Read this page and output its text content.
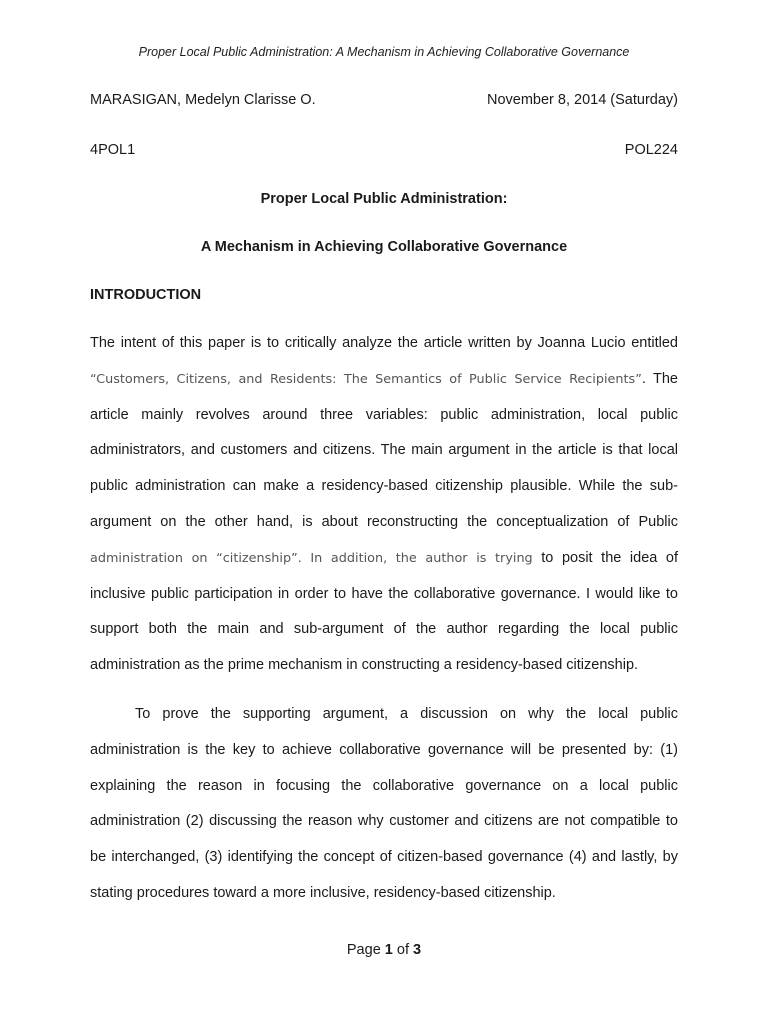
Proper Local Public Administration: A Mechanism in Achieving Collaborative Governance
MARASIGAN, Medelyn Clarisse O.	November 8, 2014 (Saturday)
4POL1	POL224
Proper Local Public Administration:
A Mechanism in Achieving Collaborative Governance
INTRODUCTION

The intent of this paper is to critically analyze the article written by Joanna Lucio entitled “Customers, Citizens, and Residents: The Semantics of Public Service Recipients”. The article mainly revolves around three variables: public administration, local public administrators, and customers and citizens. The main argument in the article is that local public administration can make a residency-based citizenship plausible. While the sub-argument on the other hand, is about reconstructing the conceptualization of Public administration on “citizenship”. In addition, the author is trying to posit the idea of inclusive public participation in order to have the collaborative governance. I would like to support both the main and sub-argument of the author regarding the local public administration as the prime mechanism in constructing a residency-based citizenship.

To prove the supporting argument, a discussion on why the local public administration is the key to achieve collaborative governance will be presented by: (1) explaining the reason in focusing the collaborative governance on a local public administration (2) discussing the reason why customer and citizens are not compatible to be interchanged, (3) identifying the concept of citizen-based governance (4) and lastly, by stating procedures toward a more inclusive, residency-based citizenship.

Page 1 of 3
